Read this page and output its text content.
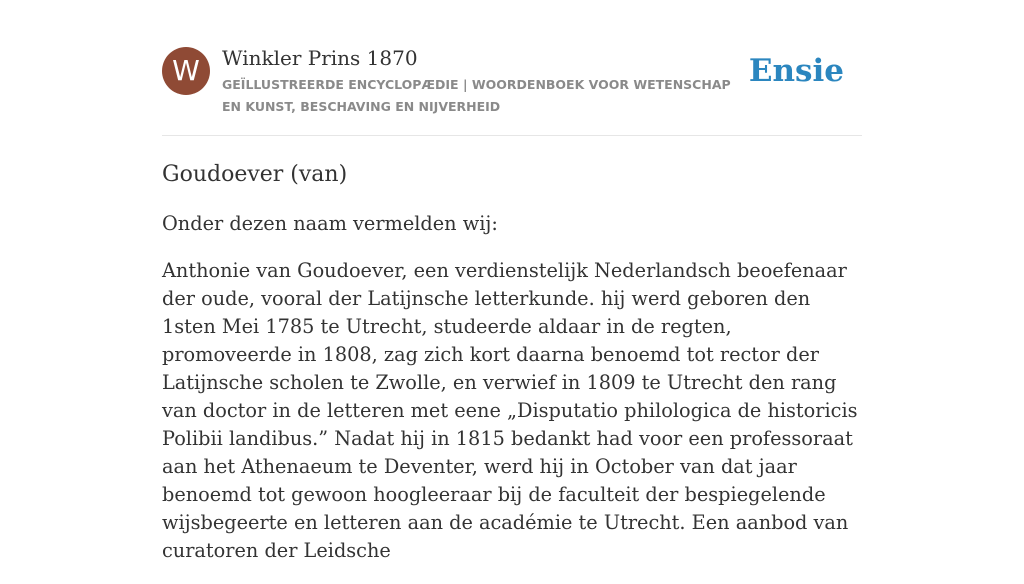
W	Winkler Prins 1870
GEÏLLUSTREERDE ENCYCLOPÆDIE | WOORDENBOEK VOOR WETENSCHAP EN KUNST, BESCHAVING EN NIJVERHEID
Ensie
Goudoever (van)

Onder dezen naam vermelden wij:

Anthonie van Goudoever, een verdienstelijk Nederlandsch beoefenaar der oude, vooral der Latijnsche letterkunde. hij werd geboren den 1sten Mei 1785 te Utrecht, studeerde aldaar in de regten, promoveerde in 1808, zag zich kort daarna benoemd tot rector der Latijnsche scholen te Zwolle, en verwief in 1809 te Utrecht den rang van doctor in de letteren met eene „Disputatio philologica de historicis Polibii landibus.” Nadat hij in 1815 bedankt had voor een professoraat aan het Athenaeum te Deventer, werd hij in October van dat jaar benoemd tot gewoon hoogleeraar bij de faculteit der bespiegelende wijsbegeerte en letteren aan de académie te Utrecht. Een aanbod van curatoren der Leidsche
